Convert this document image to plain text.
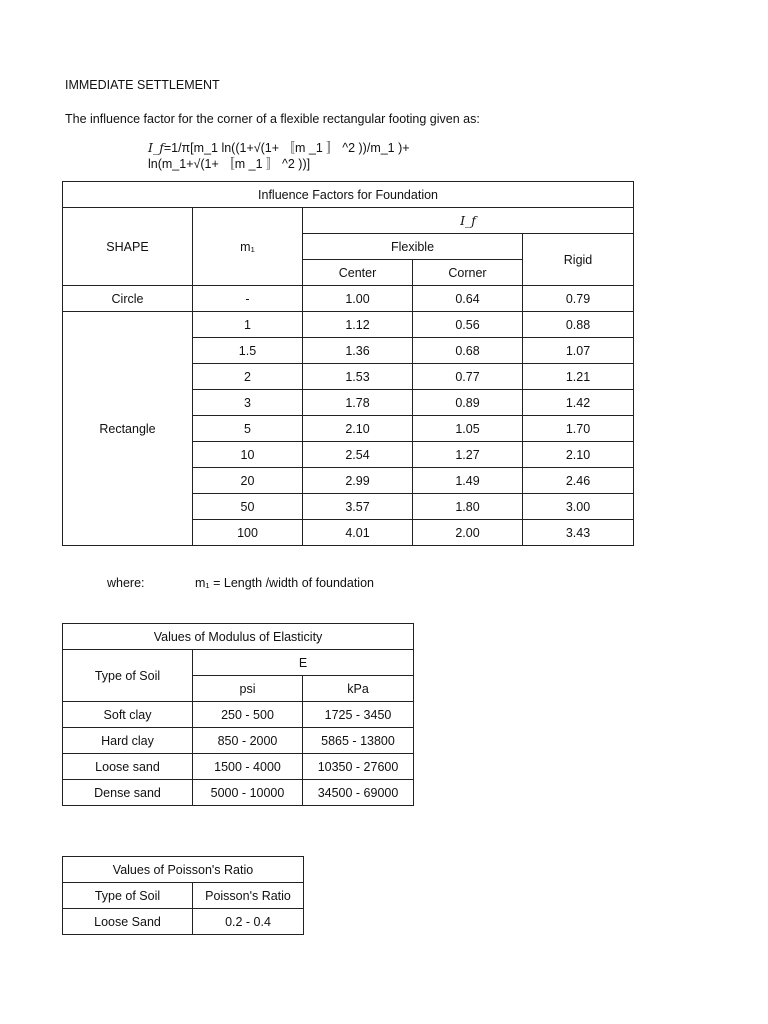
IMMEDIATE SETTLEMENT
The influence factor for the corner of a flexible rectangular footing given as:
I_f=1/π[m_1 ln((1+√(1+ 〚m _1 〛 ^2 ))/m_1 )+
ln(m_1+√(1+ 〚m _1 〛 ^2 ))]
Influence Factors for Foundation				
SHAPE	m₁	I_f		
		Flexible		Rigid
		Center	Corner	
Circle	-	1.00	0.64	0.79
Rectangle	1	1.12	0.56	0.88
	1.5	1.36	0.68	1.07
	2	1.53	0.77	1.21
	3	1.78	0.89	1.42
	5	2.10	1.05	1.70
	10	2.54	1.27	2.10
	20	2.99	1.49	2.46
	50	3.57	1.80	3.00
	100	4.01	2.00	3.43
where:	m₁ = Length /width of foundation
Values of Modulus of Elasticity		
Type of Soil	E	
	psi	kPa
Soft clay	250 - 500	1725 - 3450
Hard clay	850 - 2000	5865 - 13800
Loose sand	1500 - 4000	10350 - 27600
Dense sand	5000 - 10000	34500 - 69000
Values of Poisson's Ratio	
Type of Soil	Poisson's Ratio
Loose Sand	0.2 - 0.4
